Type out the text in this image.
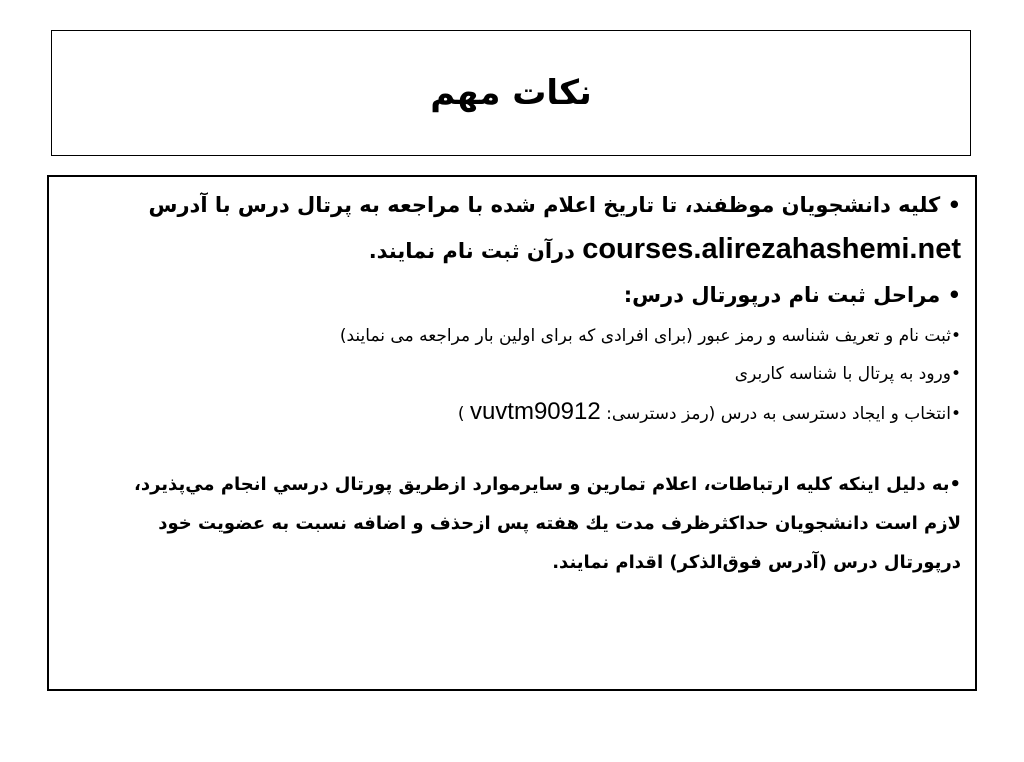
نکات مهم
• کلیه دانشجویان موظفند، تا تاریخ اعلام شده با مراجعه به پرتال درس با آدرس
courses.alirezahashemi.net درآن ثبت نام نمایند.
• مراحل ثبت نام درپورتال درس:
•ثبت نام و تعریف شناسه و رمز عبور (برای افرادی که برای اولین بار مراجعه می نمایند)
•ورود به پرتال با شناسه کاربری
•انتخاب و ایجاد دسترسی به درس (رمز دسترسی: vuvtm90912 )
•به دليل اينكه كليه ارتباطات، اعلام تمارين و سايرموارد ازطريق پورتال درسي انجام مي‌پذيرد،
لازم است دانشجويان حداكثرظرف مدت يك هفته پس ازحذف و اضافه نسبت به عضويت خود
درپورتال درس (آدرس فوق‌الذكر) اقدام نمايند.
